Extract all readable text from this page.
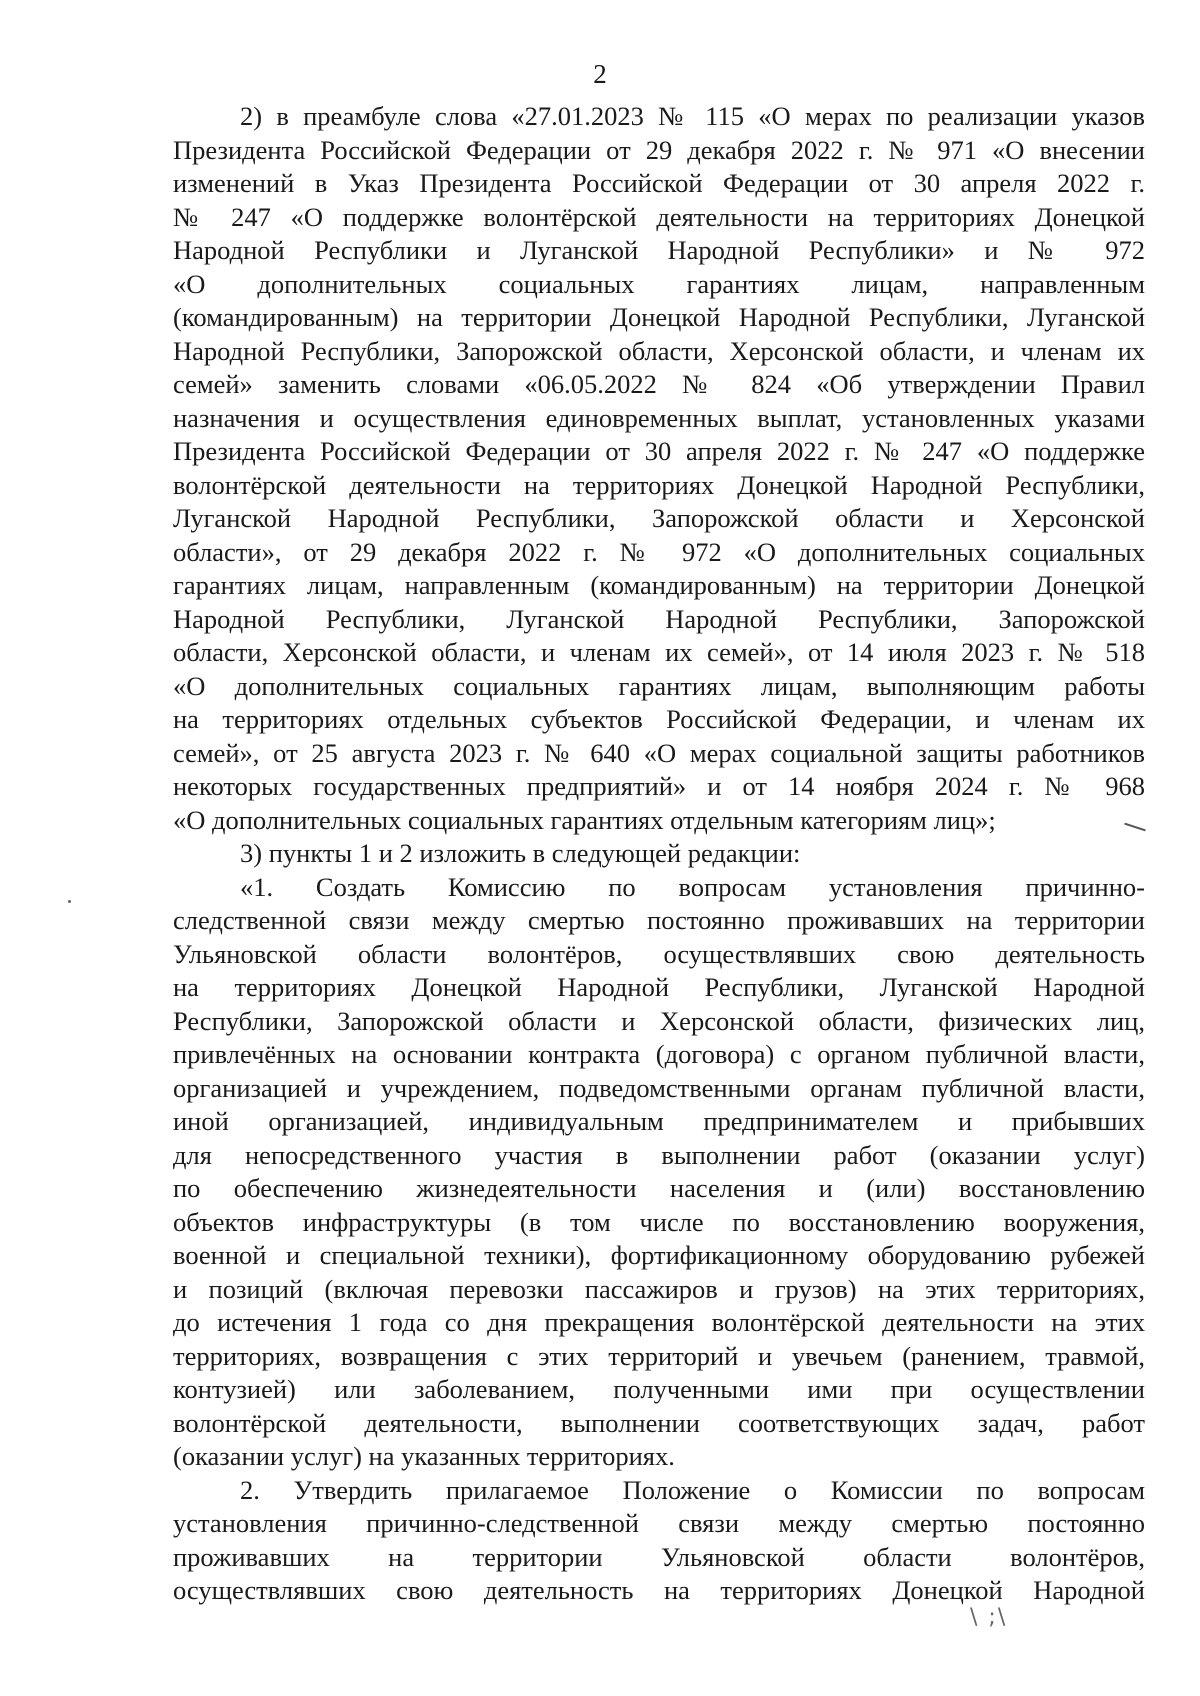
2
2) в преамбуле слова «27.01.2023 № 115 «О мерах по реализации указов
Президента Российской Федерации от 29 декабря 2022 г. № 971 «О внесении
изменений в Указ Президента Российской Федерации от 30 апреля 2022 г.
№ 247 «О поддержке волонтёрской деятельности на территориях Донецкой
Народной Республики и Луганской Народной Республики» и № 972
«О дополнительных социальных гарантиях лицам, направленным
(командированным) на территории Донецкой Народной Республики, Луганской
Народной Республики, Запорожской области, Херсонской области, и членам их
семей» заменить словами «06.05.2022 № 824 «Об утверждении Правил
назначения и осуществления единовременных выплат, установленных указами
Президента Российской Федерации от 30 апреля 2022 г. № 247 «О поддержке
волонтёрской деятельности на территориях Донецкой Народной Республики,
Луганской Народной Республики, Запорожской области и Херсонской
области», от 29 декабря 2022 г. № 972 «О дополнительных социальных
гарантиях лицам, направленным (командированным) на территории Донецкой
Народной Республики, Луганской Народной Республики, Запорожской
области, Херсонской области, и членам их семей», от 14 июля 2023 г. № 518
«О дополнительных социальных гарантиях лицам, выполняющим работы
на территориях отдельных субъектов Российской Федерации, и членам их
семей», от 25 августа 2023 г. № 640 «О мерах социальной защиты работников
некоторых государственных предприятий» и от 14 ноября 2024 г. № 968
«О дополнительных социальных гарантиях отдельным категориям лиц»;
3) пункты 1 и 2 изложить в следующей редакции:
«1. Создать Комиссию по вопросам установления причинно-
следственной связи между смертью постоянно проживавших на территории
Ульяновской области волонтёров, осуществлявших свою деятельность
на территориях Донецкой Народной Республики, Луганской Народной
Республики, Запорожской области и Херсонской области, физических лиц,
привлечённых на основании контракта (договора) с органом публичной власти,
организацией и учреждением, подведомственными органам публичной власти,
иной организацией, индивидуальным предпринимателем и прибывших
для непосредственного участия в выполнении работ (оказании услуг)
по обеспечению жизнедеятельности населения и (или) восстановлению
объектов инфраструктуры (в том числе по восстановлению вооружения,
военной и специальной техники), фортификационному оборудованию рубежей
и позиций (включая перевозки пассажиров и грузов) на этих территориях,
до истечения 1 года со дня прекращения волонтёрской деятельности на этих
территориях, возвращения с этих территорий и увечьем (ранением, травмой,
контузией) или заболеванием, полученными ими при осуществлении
волонтёрской деятельности, выполнении соответствующих задач, работ
(оказании услуг) на указанных территориях.
2. Утвердить прилагаемое Положение о Комиссии по вопросам
установления причинно-следственной связи между смертью постоянно
проживавших на территории Ульяновской области волонтёров,
осуществлявших свою деятельность на территориях Донецкой Народной
\ ;\
